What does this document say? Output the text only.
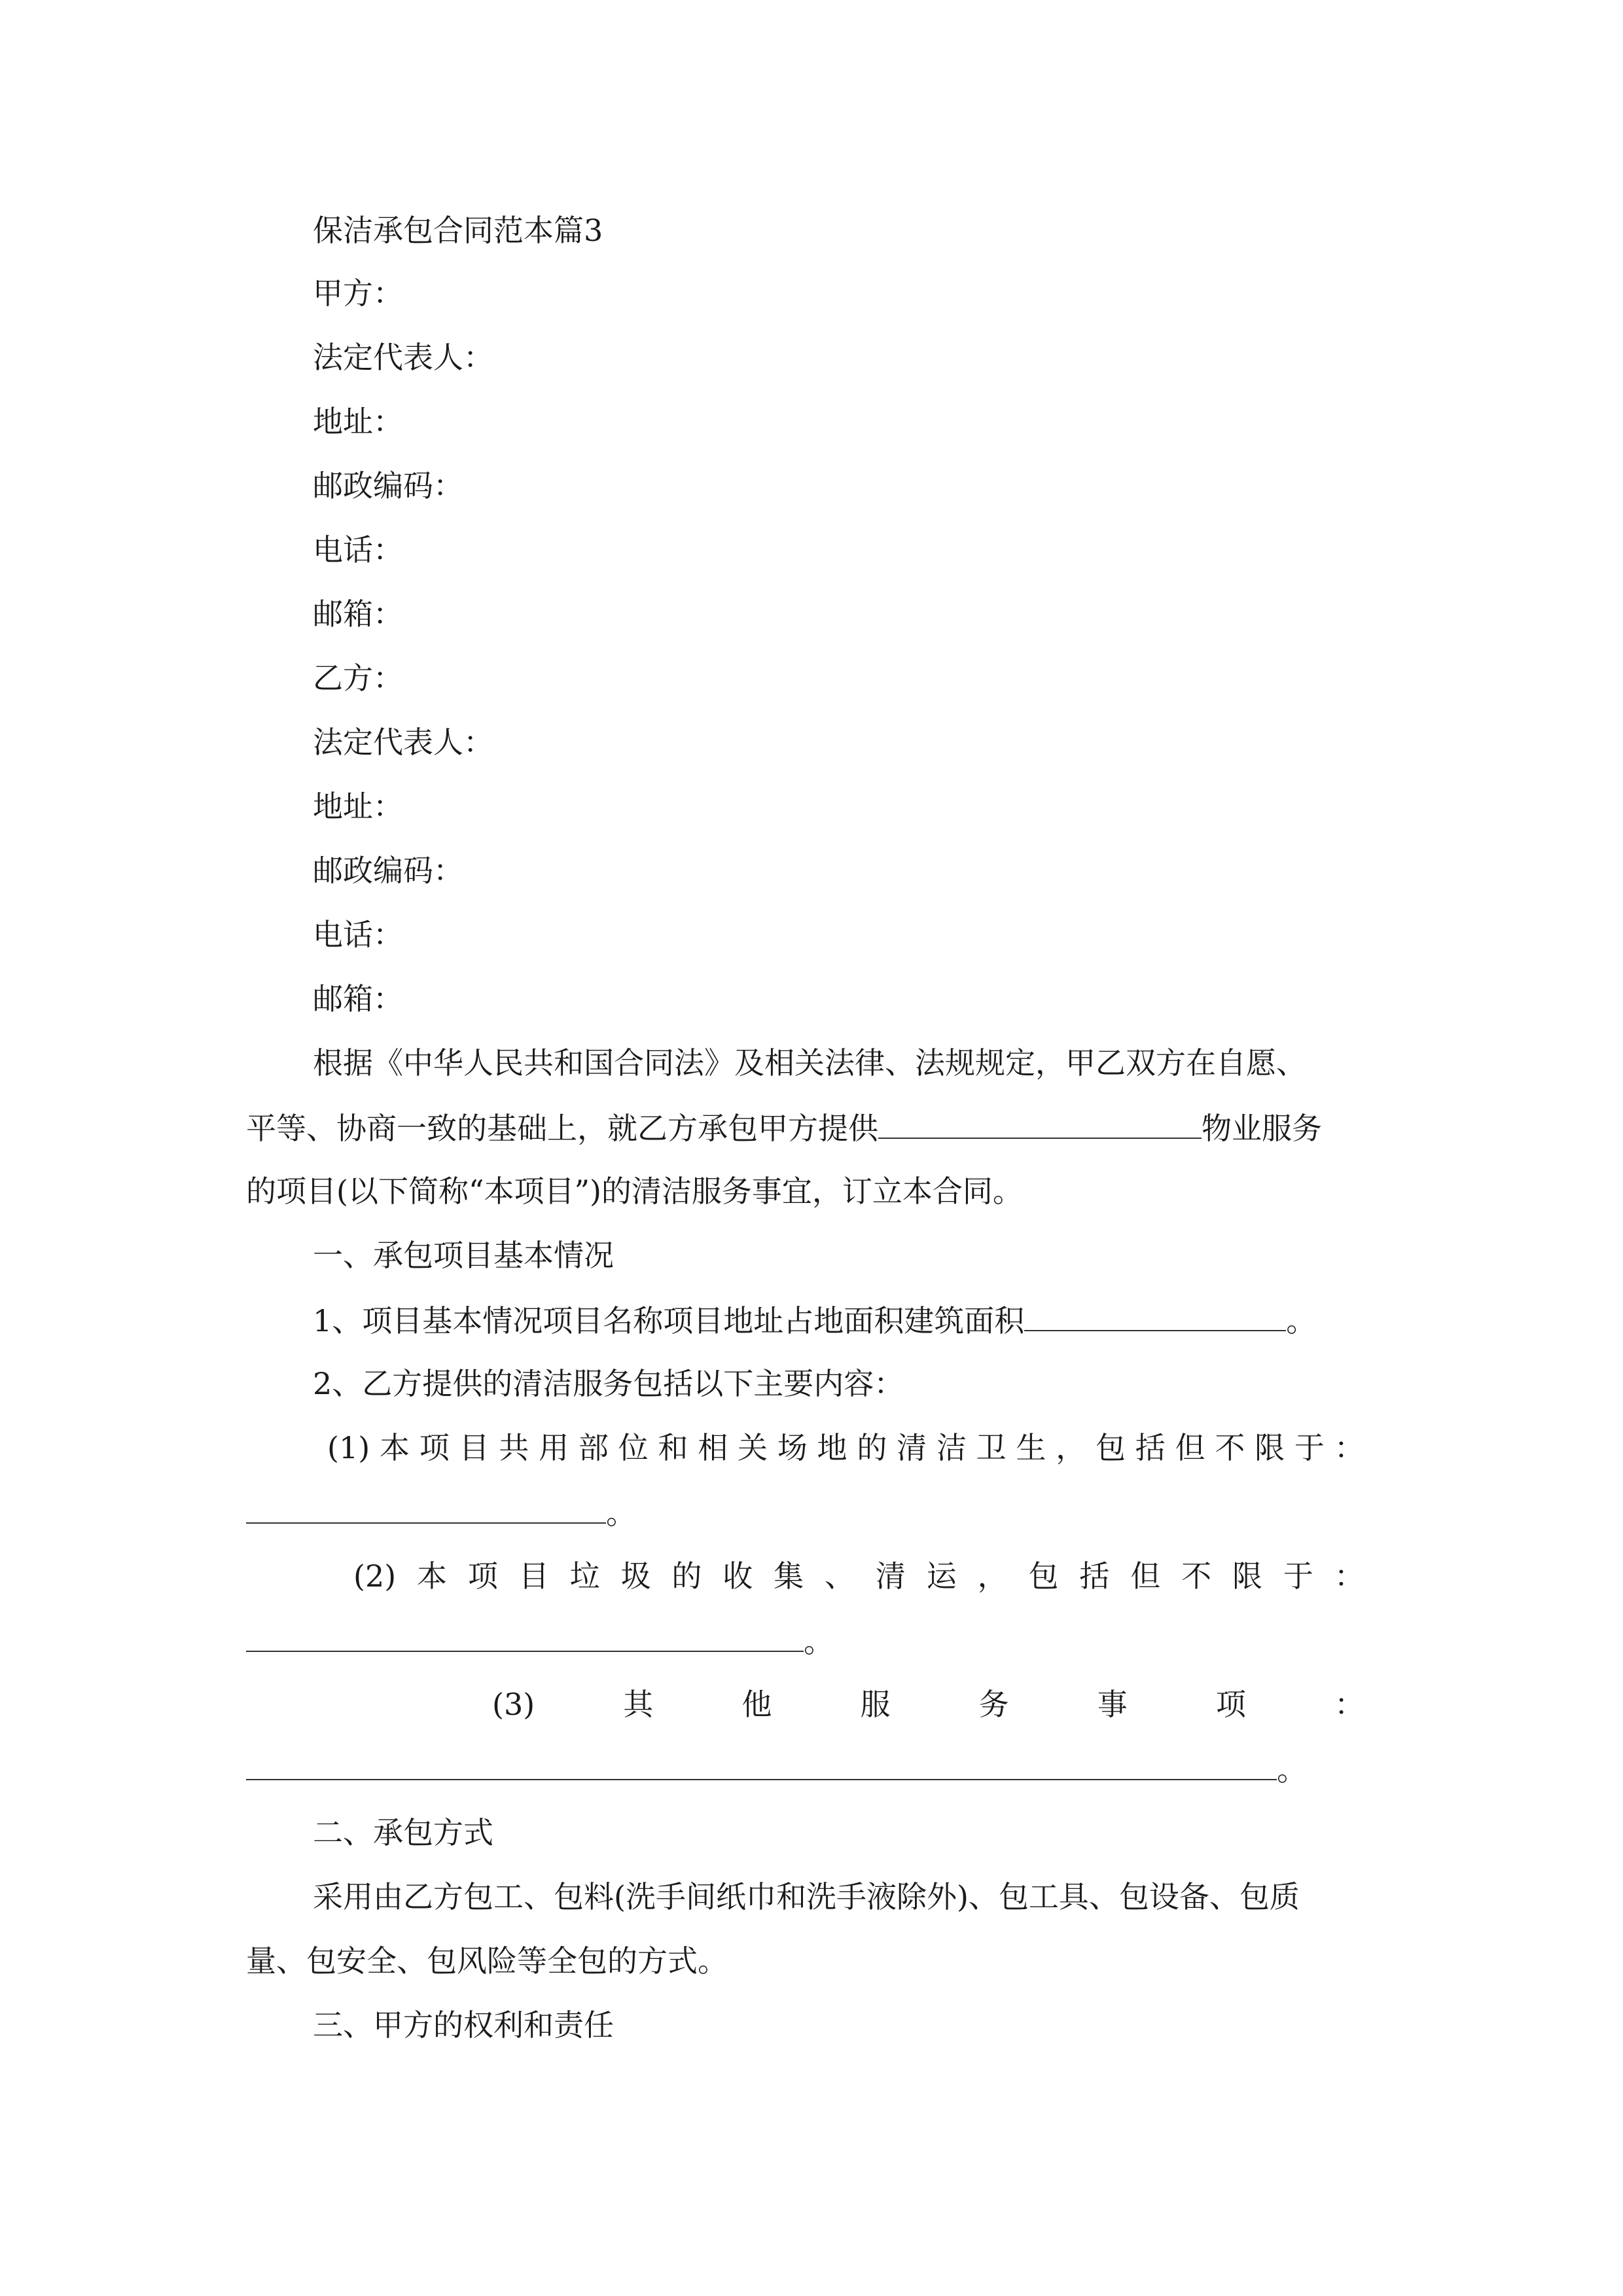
保洁承包合同范本篇3
甲方：
法定代表人：
地址：
邮政编码：
电话：
邮箱：
乙方：
法定代表人：
地址：
邮政编码：
电话：
邮箱：
根据《中华人民共和国合同法》及相关法律、法规规定，甲乙双方在自愿、
平等、协商一致的基础上，就乙方承包甲方提供	物业服务
的项目(以下简称“本项目”)的清洁服务事宜，订立本合同。
一、承包项目基本情况
1、项目基本情况项目名称项目地址占地面积建筑面积	。
2、乙方提供的清洁服务包括以下主要内容：
(1) 本 项 目 共 用 部 位 和 相 关 场 地 的 清 洁 卫 生 ， 包 括 但 不 限 于 ：
。
(2) 本 项 目 垃 圾 的 收 集 、 清 运 ， 包 括 但 不 限 于 ：
。
(3)	其	他	服	务	事	项	：
。
二、承包方式
采用由乙方包工、包料(洗手间纸巾和洗手液除外)、包工具、包设备、包质
量、包安全、包风险等全包的方式。
三、甲方的权利和责任
